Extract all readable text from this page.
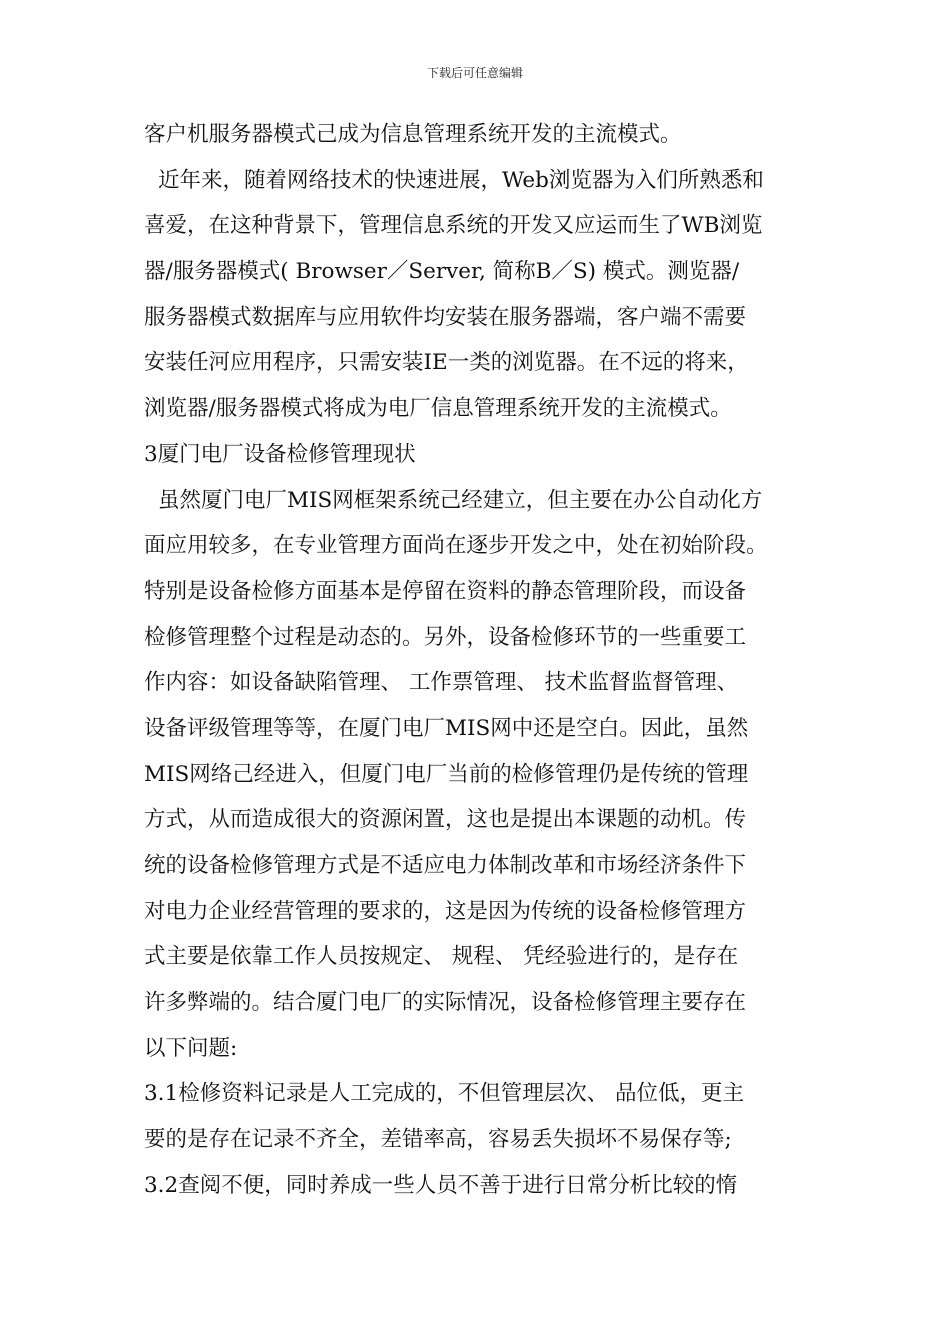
下载后可任意编辑
客户机服务器模式己成为信息管理系统开发的主流模式。
近年来，随着网络技术的快速进展，Web浏览器为入们所熟悉和
喜爱，在这种背景下，管理信息系统的开发又应运而生了WB浏览
器/服务器模式( Browser／Server, 简称B／S) 模式。测览器/
服务器模式数据库与应用软件均安装在服务器端，客户端不需要
安装任河应用程序，只需安装IE一类的浏览器。在不远的将来，
浏览器/服务器模式将成为电厂信息管理系统开发的主流模式。
3厦门电厂设备检修管理现状
虽然厦门电厂MIS网框架系统己经建立，但主要在办公自动化方
面应用较多，在专业管理方面尚在逐步开发之中，处在初始阶段。
特别是设备检修方面基本是停留在资料的静态管理阶段，而设备
检修管理整个过程是动态的。另外，设备检修环节的一些重要工
作内容：如设备缺陷管理、 工作票管理、 技术监督监督管理、
设备评级管理等等，在厦门电厂MIS网中还是空白。因此，虽然
MIS网络己经进入，但厦门电厂当前的检修管理仍是传统的管理
方式，从而造成很大的资源闲置，这也是提出本课题的动机。传
统的设备检修管理方式是不适应电力体制改革和市场经济条件下
对电力企业经营管理的要求的，这是因为传统的设备检修管理方
式主要是依靠工作人员按规定、 规程、 凭经验进行的，是存在
许多弊端的。结合厦门电厂的实际情况，设备检修管理主要存在
以下问题:
3.1检修资料记录是人工完成的，不但管理层次、 品位低，更主
要的是存在记录不齐全，差错率高，容易丢失损坏不易保存等;
3.2查阅不便，同时养成一些人员不善于进行日常分析比较的惰
